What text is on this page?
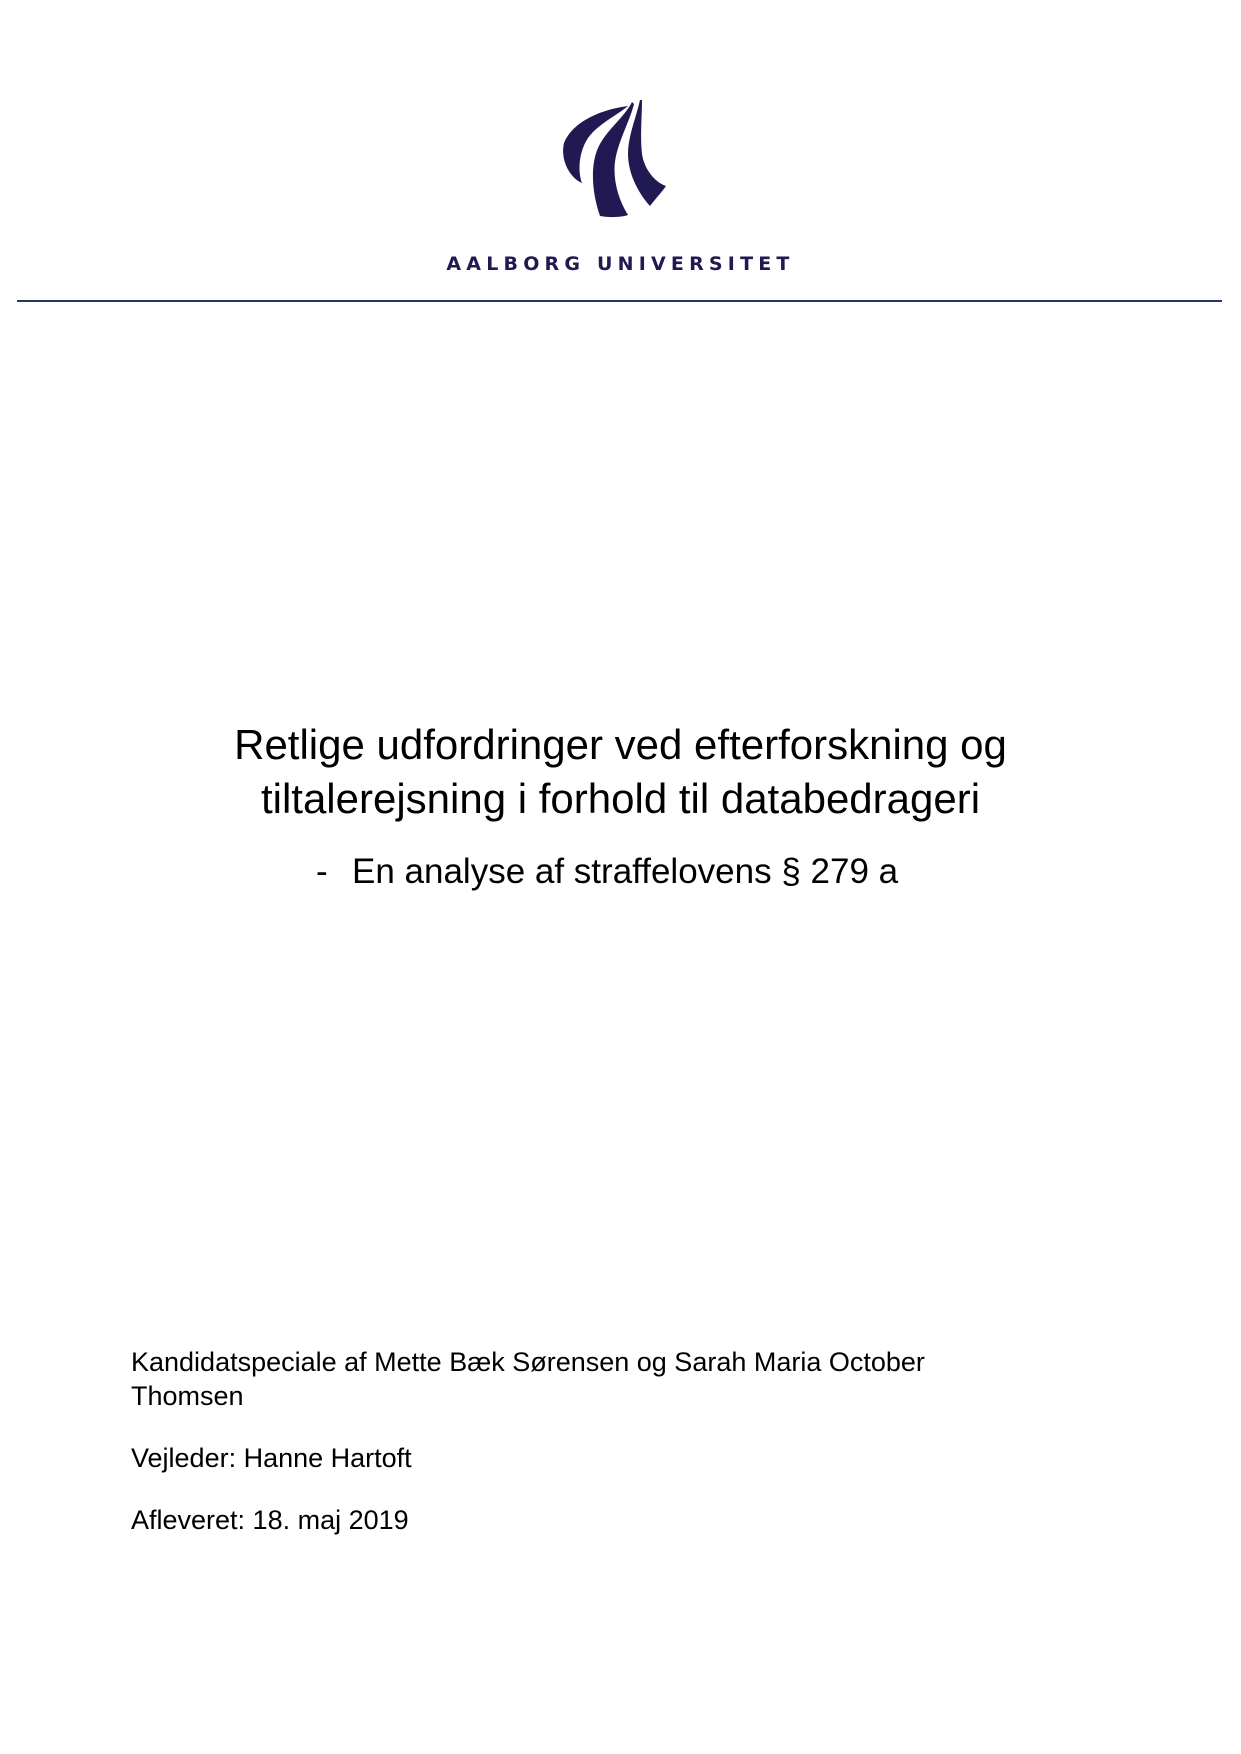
AALBORG UNIVERSITET
Retlige udfordringer ved efterforskning og
tiltalerejsning i forhold til databedrageri
- En analyse af straffelovens § 279 a
Kandidatspeciale af Mette Bæk Sørensen og Sarah Maria October
Thomsen
Vejleder: Hanne Hartoft
Afleveret: 18. maj 2019
